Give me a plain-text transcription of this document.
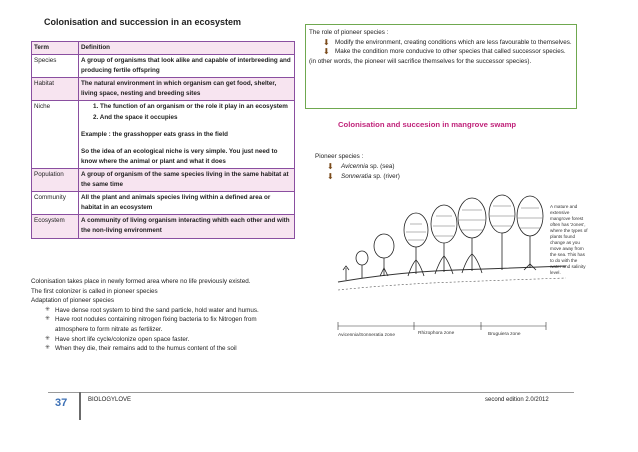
Colonisation and succession in an ecosystem
Term	Definition
Species	A group of organisms that look alike and capable of interbreeding and producing fertile offspring
Habitat	The natural environment in which organism can get food, shelter, living space, nesting and breeding sites
Niche	1. The function of an organism or the role it play in an ecosystem
2. And the space it occupies
Example : the grasshopper eats grass in the field
So the idea of an ecological niche is very simple. You just need to know where the animal or plant and what it does

Population	A group of organism of the same species living in the same habitat at the same time
Community	All the plant and animals species living within a defined area or habitat in an ecosystem
Ecosystem	A community of living organism interacting whith each other and with the non-living environment
Colonisation takes place in newly formed area where no life previously existed.
The first colonizer is called in pioneer species
Adaptation of pioneer species
✳ Have dense root system to bind the sand particle, hold water and humus.
✳ Have root nodules containing nitrogen fixing bacteria to fix Nitrogen from atmosphere to form nitrate as fertilizer.
✳ Have short life cycle/colonize open space faster.
✳ When they die, their remains add to the humus content of the soil
The role of pioneer species :
⬇ Modify the environment, creating conditions which are less favourable to themselves.
⬇ Make the condition more conducive to other species that called successor species.
(in other words, the pioneer will sacrifice themselves for the successor species).
Colonisation and succesion in mangrove swamp
Pioneer species :
⬇ Avicennia sp. (sea)
⬇ Sonneratia sp. (river)
A mature and extensive mangrove forest often has 'zones', where the types of plants found change as you move away from the sea. This has to do with the water and salinity level.
Avicennia/Sonneratia zone	Rhizophora zone	Bruguiera zone
37	BIOLOGYLOVE	second edition 2.0/2012
